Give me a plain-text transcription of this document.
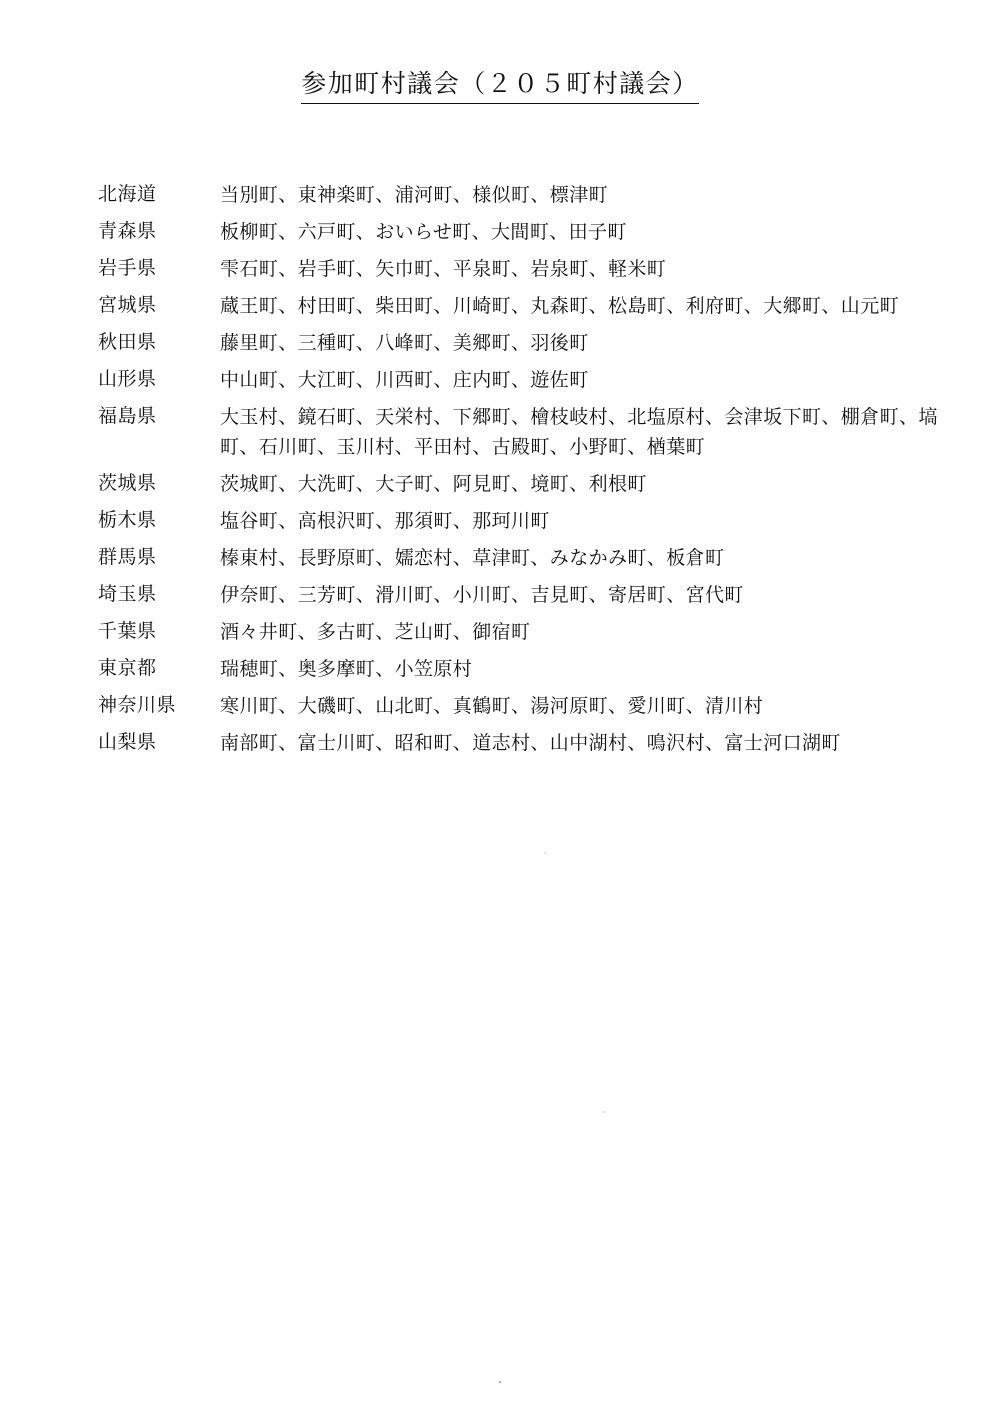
参加町村議会（２０５町村議会）
北海道	当別町、東神楽町、浦河町、様似町、標津町
青森県	板柳町、六戸町、おいらせ町、大間町、田子町
岩手県	雫石町、岩手町、矢巾町、平泉町、岩泉町、軽米町
宮城県	蔵王町、村田町、柴田町、川崎町、丸森町、松島町、利府町、大郷町、山元町
秋田県	藤里町、三種町、八峰町、美郷町、羽後町
山形県	中山町、大江町、川西町、庄内町、遊佐町
福島県	大玉村、鏡石町、天栄村、下郷町、檜枝岐村、北塩原村、会津坂下町、棚倉町、塙町、石川町、玉川村、平田村、古殿町、小野町、楢葉町
茨城県	茨城町、大洗町、大子町、阿見町、境町、利根町
栃木県	塩谷町、高根沢町、那須町、那珂川町
群馬県	榛東村、長野原町、嬬恋村、草津町、みなかみ町、板倉町
埼玉県	伊奈町、三芳町、滑川町、小川町、吉見町、寄居町、宮代町
千葉県	酒々井町、多古町、芝山町、御宿町
東京都	瑞穂町、奥多摩町、小笠原村
神奈川県	寒川町、大磯町、山北町、真鶴町、湯河原町、愛川町、清川村
山梨県	南部町、富士川町、昭和町、道志村、山中湖村、鳴沢村、富士河口湖町
・
・
・
